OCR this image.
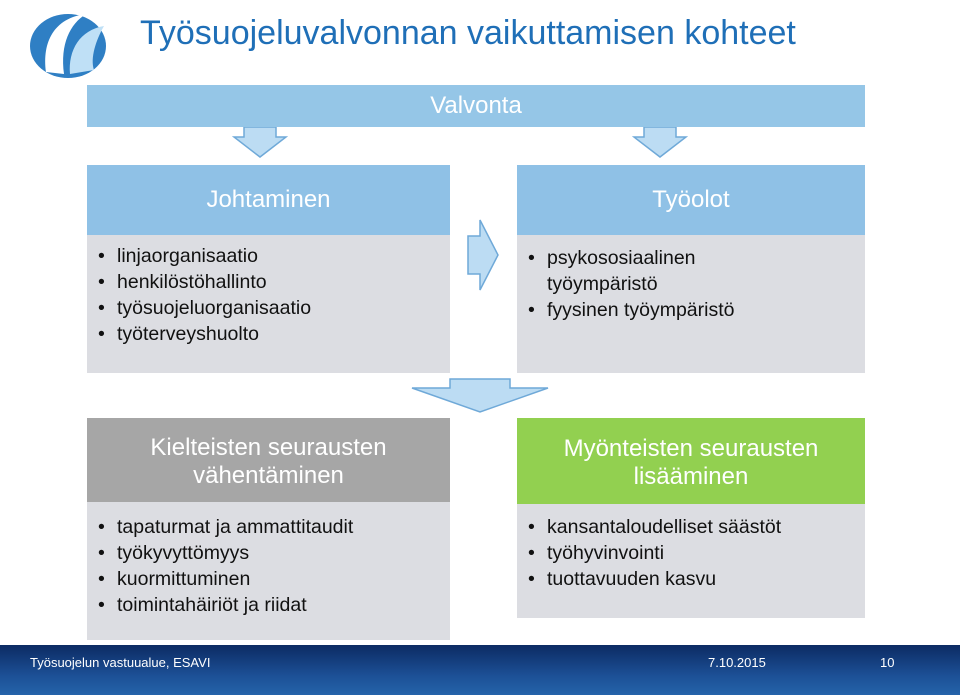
Työsuojeluvalvonnan vaikuttamisen kohteet
Valvonta
Johtaminen
• linjaorganisaatio
• henkilöstöhallinto
• työsuojeluorganisaatio
• työterveyshuolto
Työolot
• psykososiaalinen työympäristö
• fyysinen työympäristö
Kielteisten seurausten
vähentäminen
• tapaturmat ja ammattitaudit
• työkyvyttömyys
• kuormittuminen
• toimintahäiriöt ja riidat
Myönteisten seurausten
lisääminen
• kansantaloudelliset säästöt
• työhyvinvointi
• tuottavuuden kasvu
Työsuojelun vastuualue, ESAVI	7.10.2015	10
